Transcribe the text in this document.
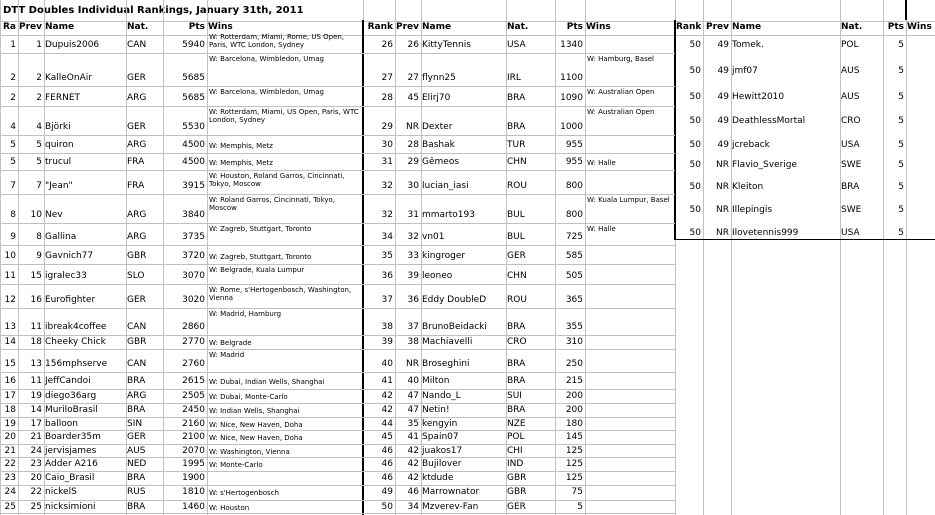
DTT Doubles Individual Rankings, January 31th, 2011
Ra Prev Name	Nat.	Pts Wins	Rank Prev Name	Nat.	Pts Wins	Rank Prev Name	Nat.	Pts Wins
1	1 Dupuis2006	CAN	5940
W: Rotterdam, Miami, Rome, US Open, Paris, WTC London, Sydney
2	2 KalleOnAir	GER	5685
W: Barcelona, Wimbledon, Umag
2	2 FERNET	ARG	5685
W: Barcelona, Wimbledon, Umag
4	4 Björki	GER	5530
W: Rotterdam, Miami, US Open, Paris, WTC London, Sydney
5	5 quiron	ARG	4500 W: Memphis, Metz
5	5 trucul	FRA	4500 W: Memphis, Metz
7	7 "Jean"	FRA	3915
W: Houston, Roland Garros, Cincinnati, Tokyo, Moscow
8	10 Nev	ARG	3840
W: Roland Garros, Cincinnati, Tokyo, Moscow
9	8 Gallina	ARG	3735
W: Zagreb, Stuttgart, Toronto
10	9 Gavnich77	GBR	3720 W: Zagreb, Stuttgart, Toronto
11	15 igralec33	SLO	3070
W: Belgrade, Kuala Lumpur
12	16 Eurofighter	GER	3020
W: Rome, s'Hertogenbosch, Washington, Vienna
13	11 ibreak4coffee	CAN	2860
W: Madrid, Hamburg
14	18 Cheeky Chick	GBR	2770 W: Belgrade
15	13 156mphserve	CAN	2760
W: Madrid
16	11 JeffCandoi	BRA	2615 W: Dubai, Indian Wells, Shanghai
17	19 diego36arg	ARG	2505 W: Dubai, Monte-Carlo
18	14 MuriloBrasil	BRA	2450 W: Indian Wells, Shanghai
19	17 balloon	SIN	2160 W: Nice, New Haven, Doha
20	21 Boarder35m	GER	2100 W: Nice, New Haven, Doha
21	24 jervisjames	AUS	2070 W: Washington, Vienna
22	23 Adder A216	NED	1995 W: Monte-Carlo
23	20 Caio_Brasil	BRA	1900
24	22 nickelS	RUS	1810 W: s'Hertogenbosch
25	25 nicksimioni	BRA	1460 W: Houston
26	26 KittyTennis	USA	1340
27	27 flynn25	IRL	1100
W: Hamburg, Basel
28	45 Elirj70	BRA	1090
W: Australian Open
29	NR Dexter	BRA	1000
W: Australian Open
30	28 Bashak	TUR	955
31	29 Gêmeos	CHN	955 W: Halle
32	30 lucian_iasi	ROU	800
32	31 mmarto193	BUL	800
W: Kuala Lumpur, Basel
34	32 vn01	BUL	725
W: Halle
35	33 kingroger	GER	585
36	39 leoneo	CHN	505
37	36 Eddy DoubleD	ROU	365
38	37 BrunoBeidacki	BRA	355
39	38 Machiavelli	CRO	310
40	NR Broseghini	BRA	250
41	40 Milton	BRA	215
42	47 Nando_L	SUI	200
42	47 Netin!	BRA	200
44	35 kengyin	NZE	180
45	41 Spain07	POL	145
46	42 juakos17	CHI	125
46	42 Bujilover	IND	125
46	42 ktdude	GBR	125
49	46 Marrownator	GBR	75
50	34 Mzverev-Fan	GER	5
50	49 Tomek.	POL	5
50	49 jmf07	AUS	5
50	49 Hewitt2010	AUS	5
50	49 DeathlessMortal	CRO	5
50	49 jcreback	USA	5
50	NR Flavio_Sverige	SWE	5
50	NR Kleiton	BRA	5
50	NR Illepingis	SWE	5
50	NR Ilovetennis999	USA	5
